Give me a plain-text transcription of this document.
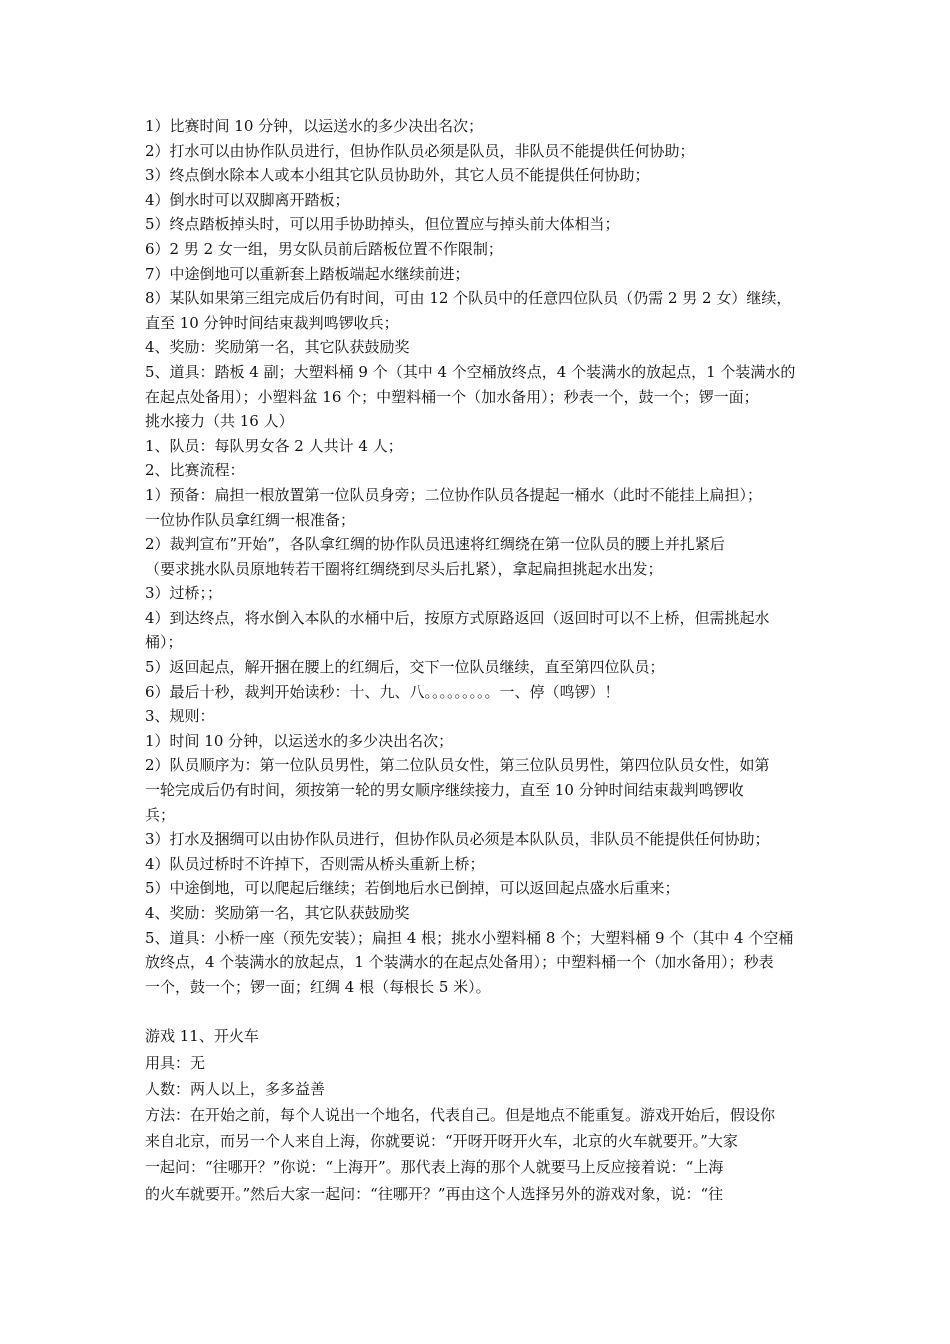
1）比赛时间 10 分钟，以运送水的多少决出名次；
2）打水可以由协作队员进行，但协作队员必须是队员，非队员不能提供任何协助；
3）终点倒水除本人或本小组其它队员协助外，其它人员不能提供任何协助；
4）倒水时可以双脚离开踏板；
5）终点踏板掉头时，可以用手协助掉头，但位置应与掉头前大体相当；
6）2 男 2 女一组，男女队员前后踏板位置不作限制；
7）中途倒地可以重新套上踏板端起水继续前进；
8）某队如果第三组完成后仍有时间，可由 12 个队员中的任意四位队员（仍需 2 男 2 女）继续，
直至 10 分钟时间结束裁判鸣锣收兵；
4、奖励：奖励第一名，其它队获鼓励奖
5、道具：踏板 4 副；大塑料桶 9 个（其中 4 个空桶放终点，4 个装满水的放起点，1 个装满水的
在起点处备用）；小塑料盆 16 个；中塑料桶一个（加水备用）；秒表一个，鼓一个；锣一面；
挑水接力（共 16 人）
1、队员：每队男女各 2 人共计 4 人；
2、比赛流程：
1）预备：扁担一根放置第一位队员身旁；二位协作队员各提起一桶水（此时不能挂上扁担）；
一位协作队员拿红绸一根准备；
2）裁判宣布”开始”，各队拿红绸的协作队员迅速将红绸绕在第一位队员的腰上并扎紧后
（要求挑水队员原地转若干圈将红绸绕到尽头后扎紧），拿起扁担挑起水出发；
3）过桥；；
4）到达终点，将水倒入本队的水桶中后，按原方式原路返回（返回时可以不上桥，但需挑起水
桶）；
5）返回起点，解开捆在腰上的红绸后，交下一位队员继续，直至第四位队员；
6）最后十秒，裁判开始读秒：十、九、八。。。。。。。。。一、停（鸣锣）！
3、规则：
1）时间 10 分钟，以运送水的多少决出名次；
2）队员顺序为：第一位队员男性，第二位队员女性，第三位队员男性，第四位队员女性，如第
一轮完成后仍有时间，须按第一轮的男女顺序继续接力，直至 10 分钟时间结束裁判鸣锣收
兵；
3）打水及捆绸可以由协作队员进行，但协作队员必须是本队队员，非队员不能提供任何协助；
4）队员过桥时不许掉下，否则需从桥头重新上桥；
5）中途倒地，可以爬起后继续；若倒地后水已倒掉，可以返回起点盛水后重来；
4、奖励：奖励第一名，其它队获鼓励奖
5、道具：小桥一座（预先安装）；扁担 4 根；挑水小塑料桶 8 个；大塑料桶 9 个（其中 4 个空桶
放终点，4 个装满水的放起点，1 个装满水的在起点处备用）；中塑料桶一个（加水备用）；秒表
一个，鼓一个；锣一面；红绸 4 根（每根长 5 米）。
游戏 11、开火车
用具：无
人数：两人以上，多多益善
方法：在开始之前，每个人说出一个地名，代表自己。但是地点不能重复。游戏开始后，假设你
来自北京，而另一个人来自上海，你就要说：“开呀开呀开火车，北京的火车就要开。”大家
一起问：“往哪开？”你说：“上海开”。那代表上海的那个人就要马上反应接着说：“上海
的火车就要开。”然后大家一起问：“往哪开？”再由这个人选择另外的游戏对象，说：“往
